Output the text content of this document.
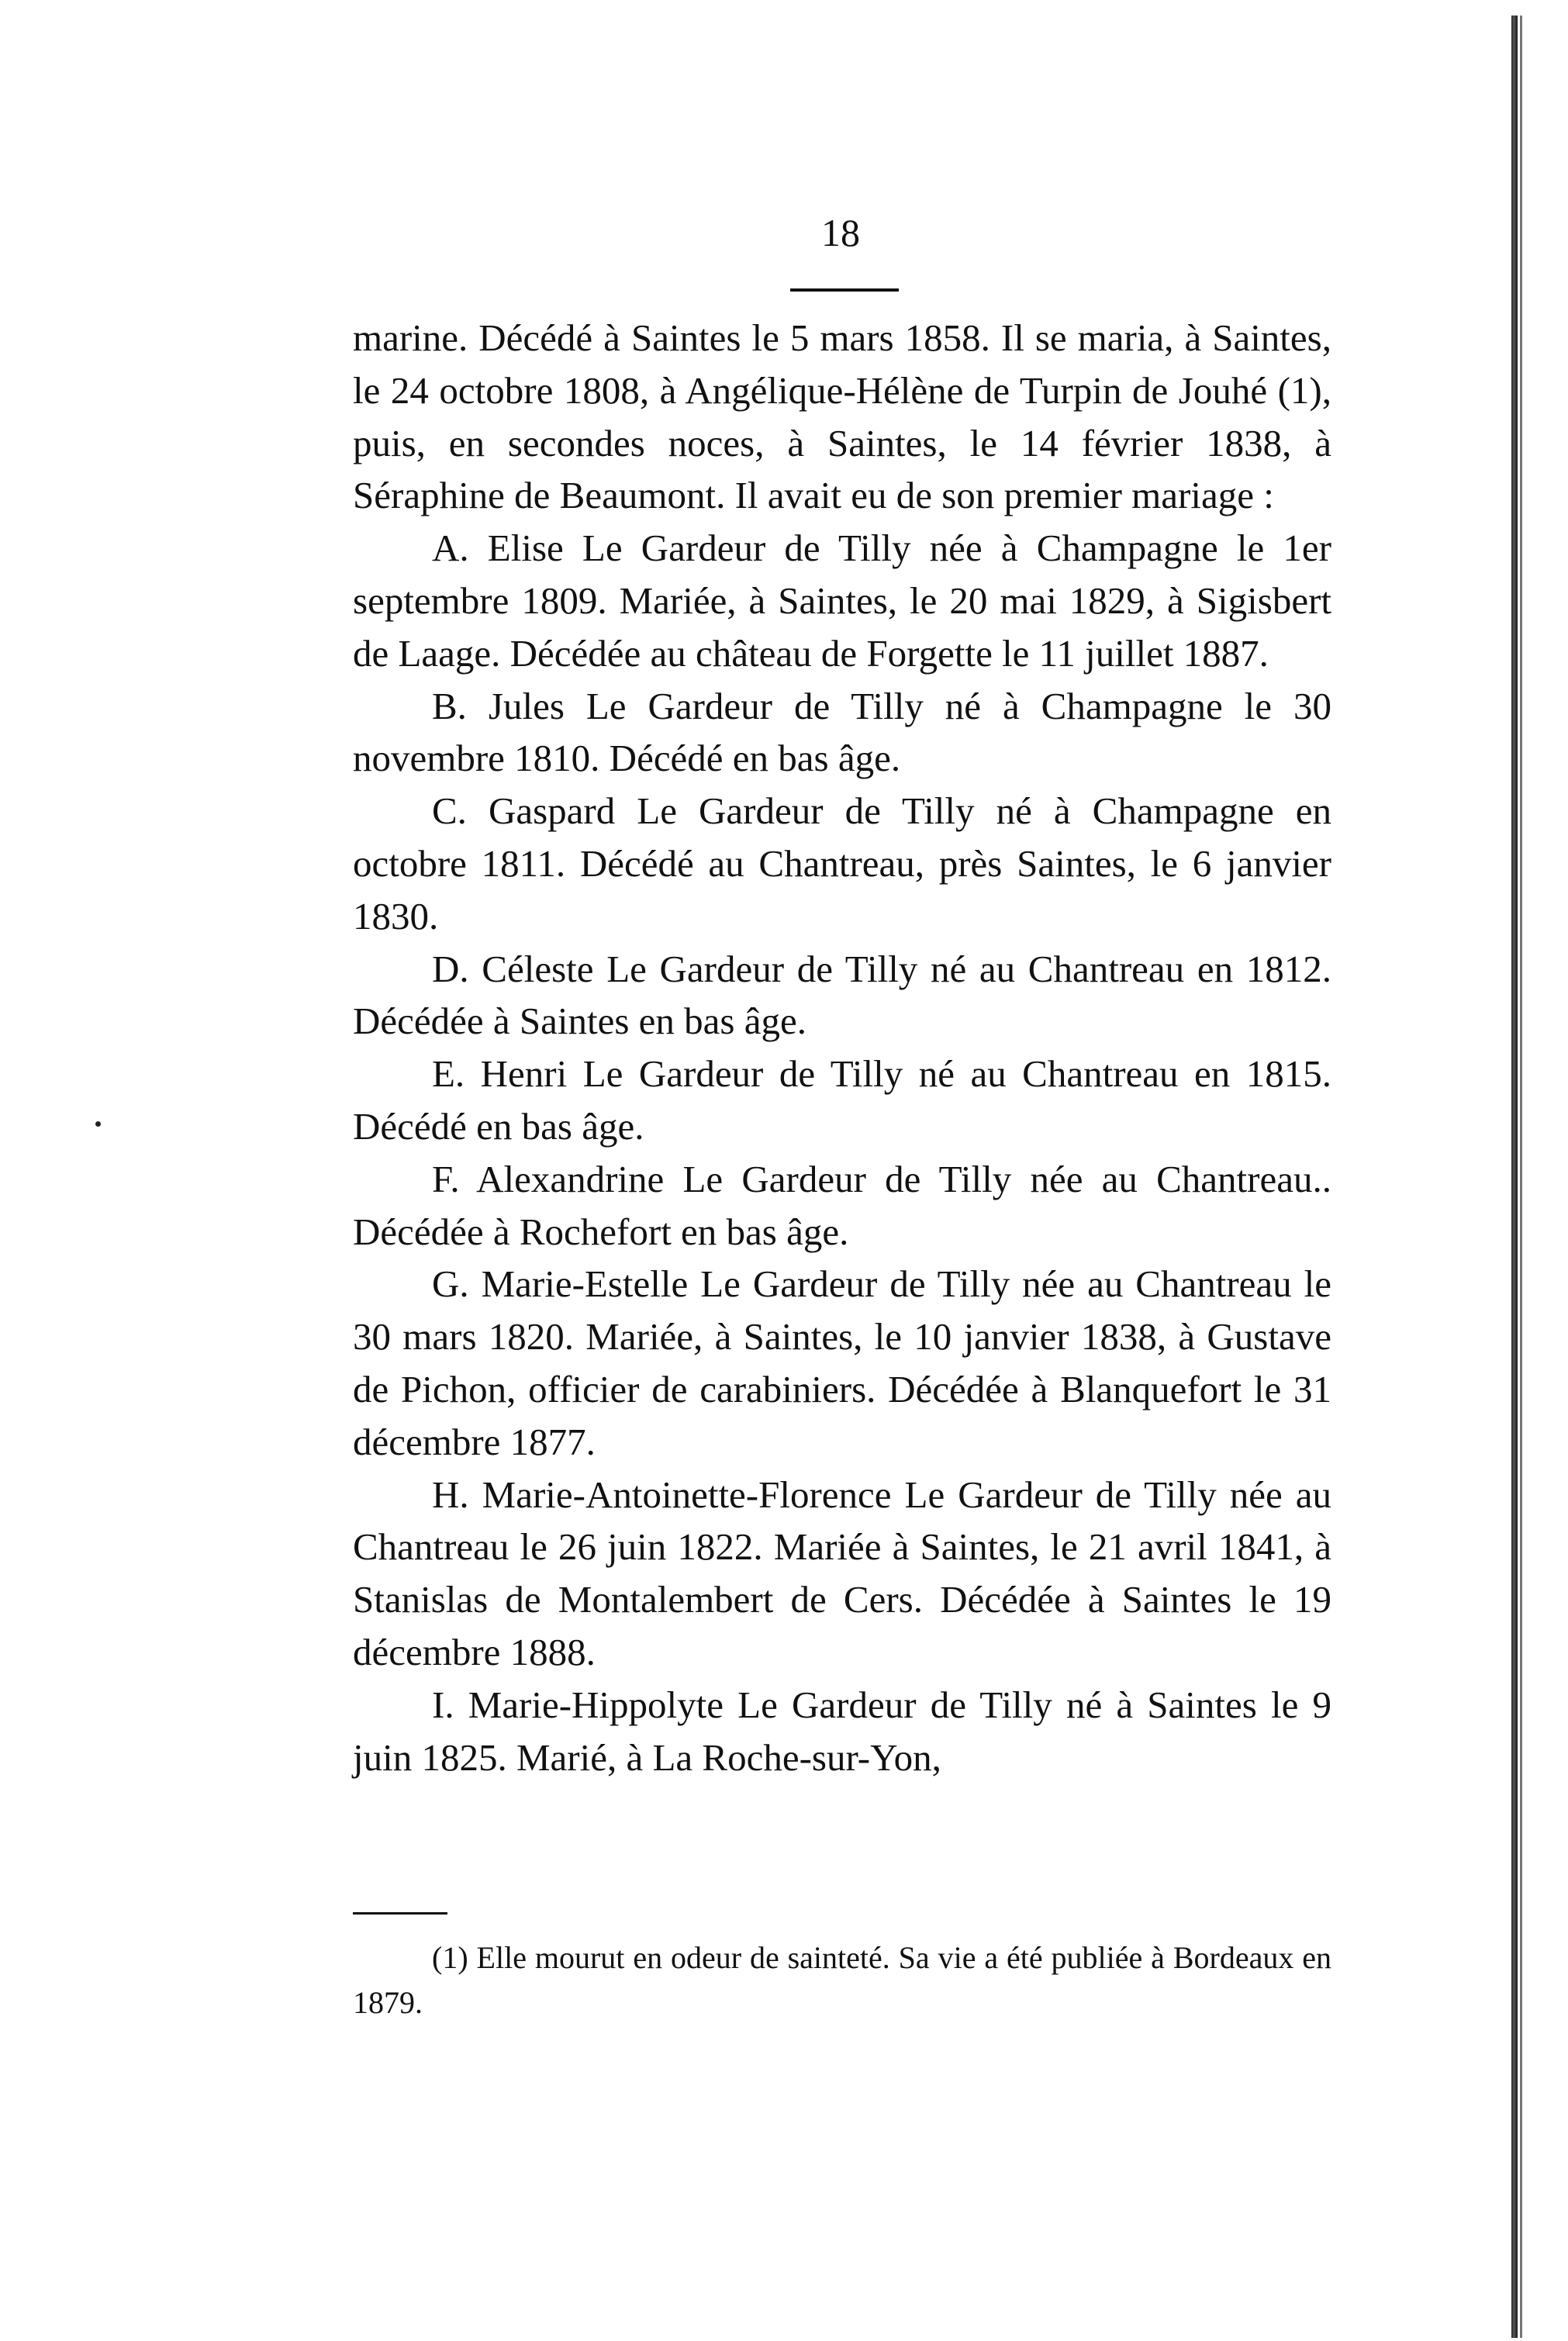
18

marine. Décédé à Saintes le 5 mars 1858. Il se maria, à Saintes, le 24 octobre 1808, à Angélique-Hélène de Turpin de Jouhé (1), puis, en secondes noces, à Saintes, le 14 février 1838, à Séraphine de Beaumont. Il avait eu de son premier mariage :

A. Elise Le Gardeur de Tilly née à Champagne le 1er septembre 1809. Mariée, à Saintes, le 20 mai 1829, à Sigisbert de Laage. Décédée au château de Forgette le 11 juillet 1887.

B. Jules Le Gardeur de Tilly né à Champagne le 30 novembre 1810. Décédé en bas âge.

C. Gaspard Le Gardeur de Tilly né à Champagne en octobre 1811. Décédé au Chantreau, près Saintes, le 6 janvier 1830.

D. Céleste Le Gardeur de Tilly né au Chantreau en 1812. Décédée à Saintes en bas âge.

E. Henri Le Gardeur de Tilly né au Chantreau en 1815. Décédé en bas âge.

F. Alexandrine Le Gardeur de Tilly née au Chantreau.. Décédée à Rochefort en bas âge.

G. Marie-Estelle Le Gardeur de Tilly née au Chantreau le 30 mars 1820. Mariée, à Saintes, le 10 janvier 1838, à Gustave de Pichon, officier de carabiniers. Décédée à Blanquefort le 31 décembre 1877.

H. Marie-Antoinette-Florence Le Gardeur de Tilly née au Chantreau le 26 juin 1822. Mariée à Saintes, le 21 avril 1841, à Stanislas de Montalembert de Cers. Décédée à Saintes le 19 décembre 1888.

I. Marie-Hippolyte Le Gardeur de Tilly né à Saintes le 9 juin 1825. Marié, à La Roche-sur-Yon,

(1) Elle mourut en odeur de sainteté. Sa vie a été publiée à Bordeaux en 1879.
